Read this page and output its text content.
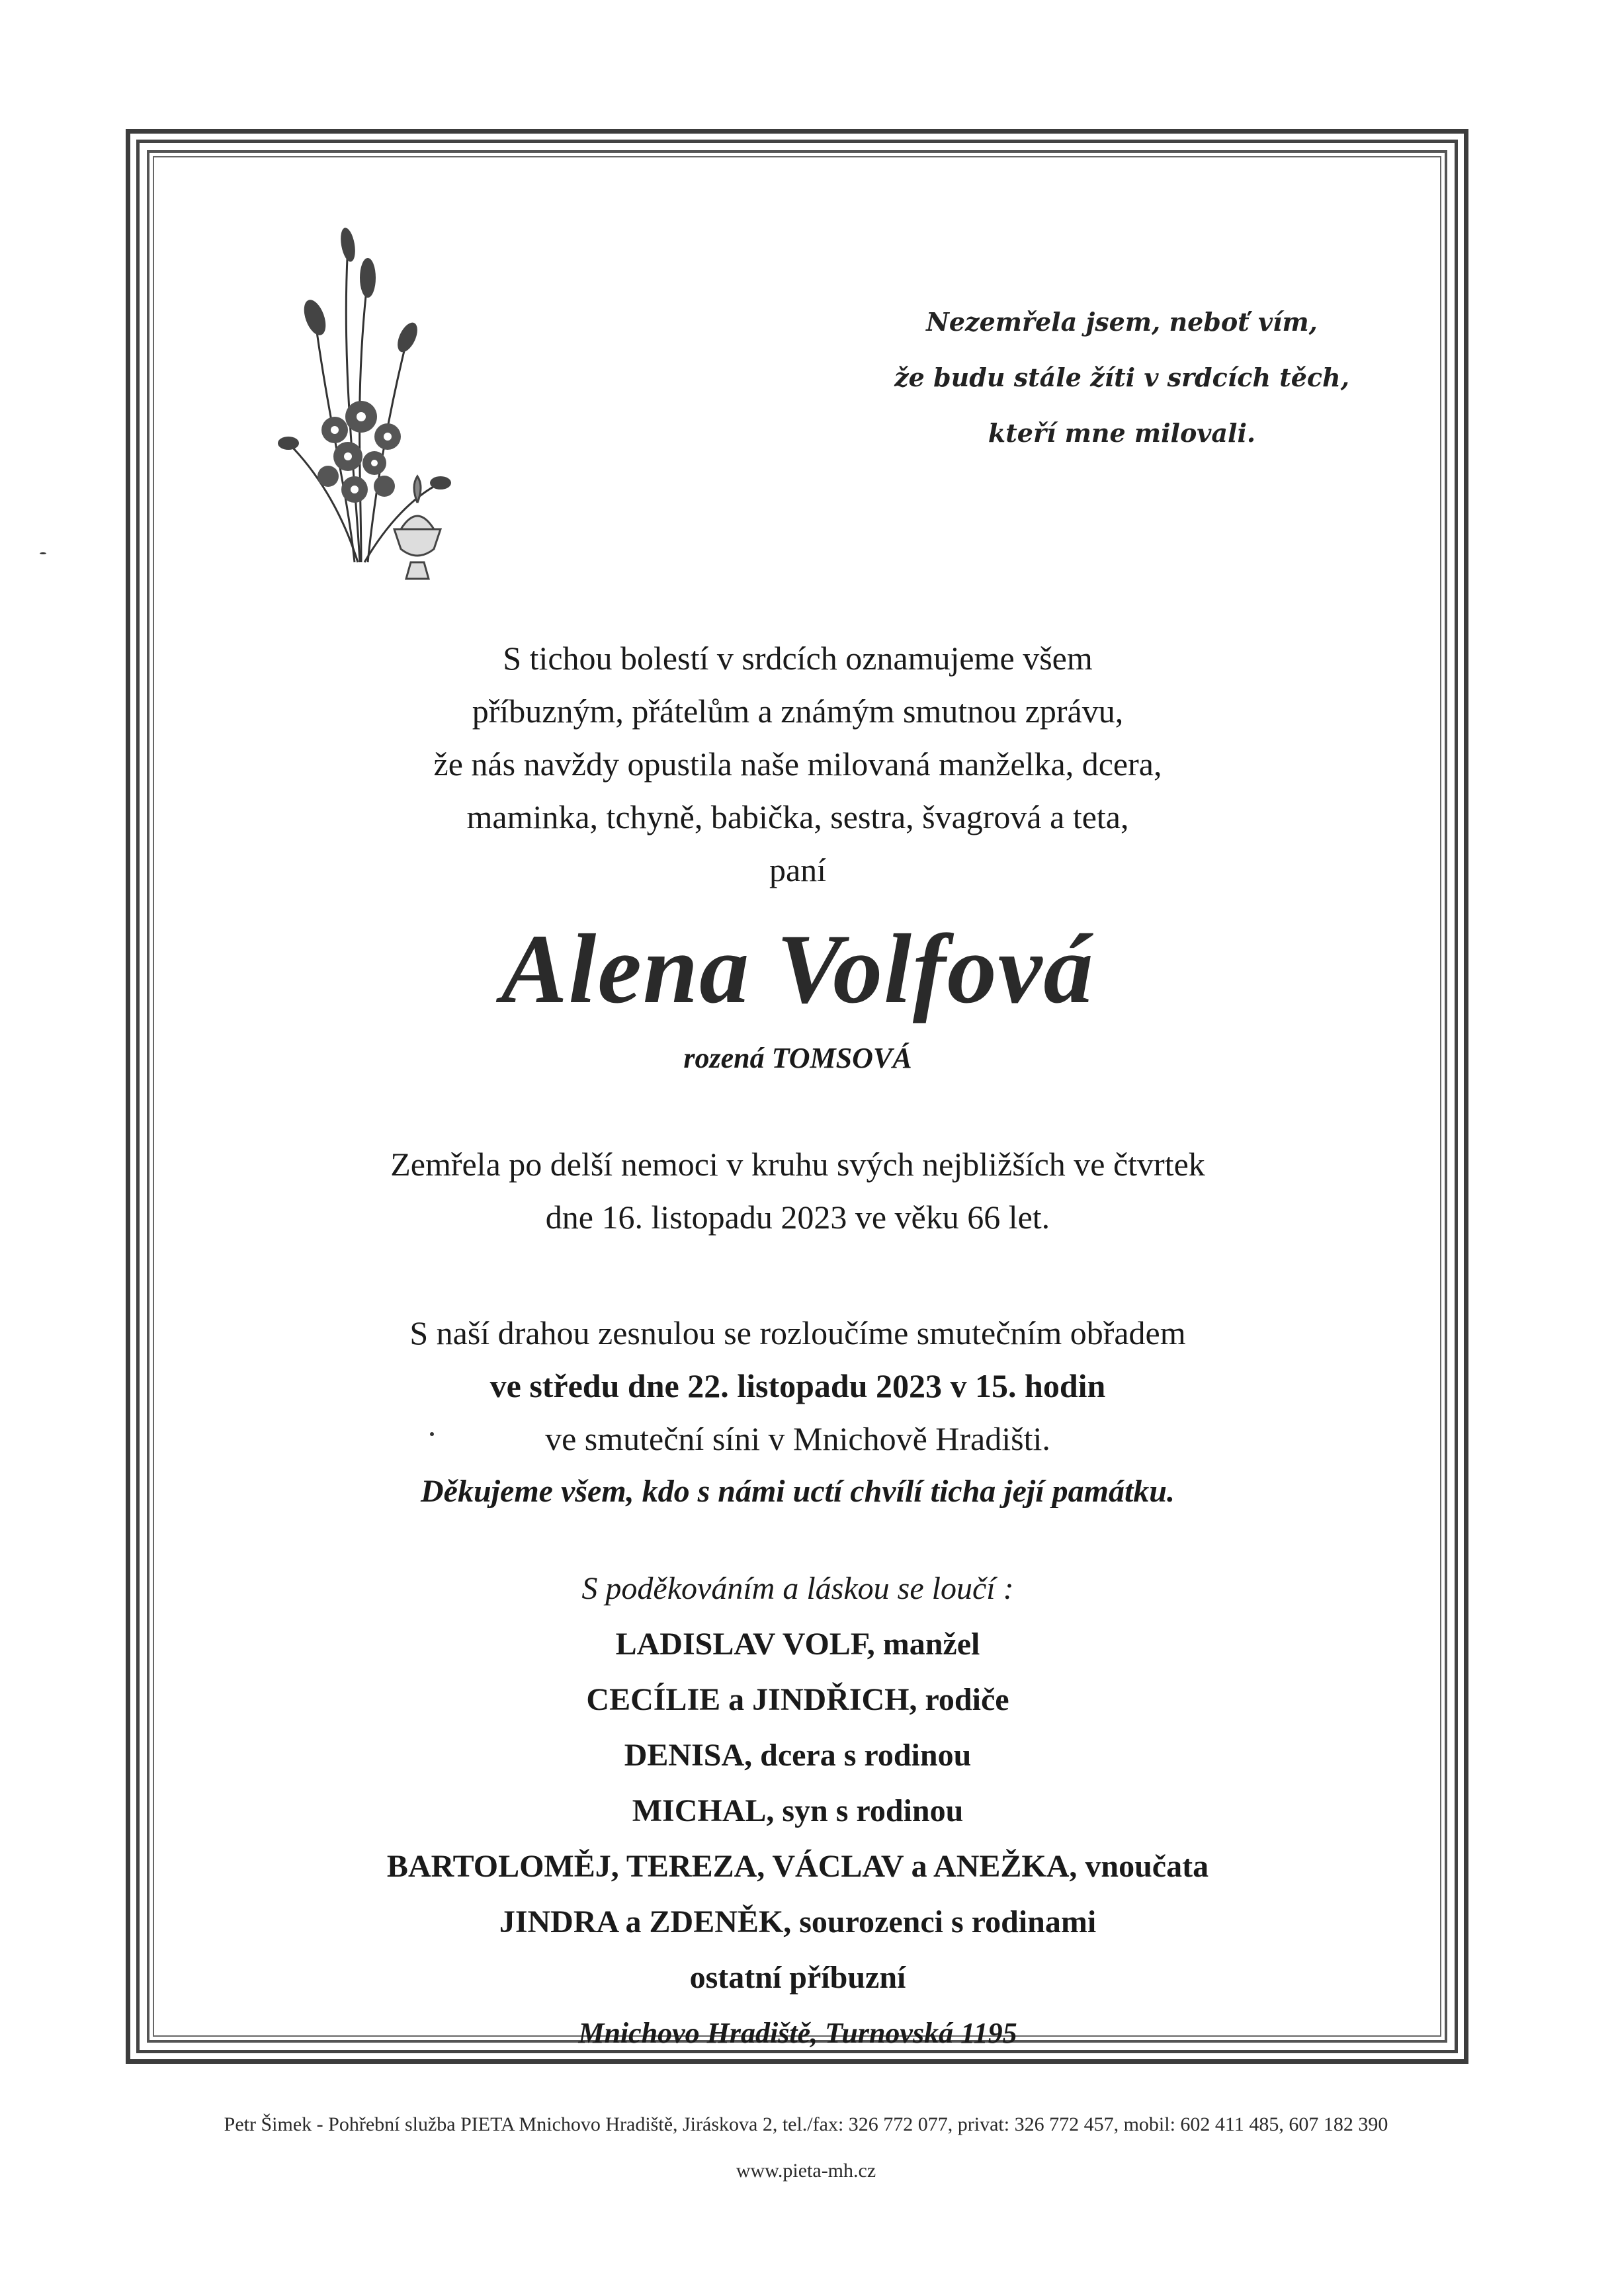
Nezemřela jsem, neboť vím,
že budu stále žíti v srdcích těch,
kteří mne milovali.
S tichou bolestí v srdcích oznamujeme všem
příbuzným, přátelům a známým smutnou zprávu,
že nás navždy opustila naše milovaná manželka, dcera,
maminka, tchyně, babička, sestra, švagrová a teta,
paní
Alena Volfová
rozená TOMSOVÁ
Zemřela po delší nemoci v kruhu svých nejbližších ve čtvrtek
dne 16. listopadu 2023 ve věku 66 let.
S naší drahou zesnulou se rozloučíme smutečním obřadem
ve středu dne 22. listopadu 2023 v 15. hodin
ve smuteční síni v Mnichově Hradišti.
Děkujeme všem, kdo s námi uctí chvílí ticha její památku.
S poděkováním a láskou se loučí :
LADISLAV VOLF, manžel
CECÍLIE a JINDŘICH, rodiče
DENISA, dcera s rodinou
MICHAL, syn s rodinou
BARTOLOMĚJ, TEREZA, VÁCLAV a ANEŽKA, vnoučata
JINDRA a ZDENĚK, sourozenci s rodinami
ostatní příbuzní
Mnichovo Hradiště, Turnovská 1195
Petr Šimek - Pohřební služba PIETA Mnichovo Hradiště, Jiráskova 2, tel./fax: 326 772 077, privat: 326 772 457, mobil: 602 411 485, 607 182 390
www.pieta-mh.cz
